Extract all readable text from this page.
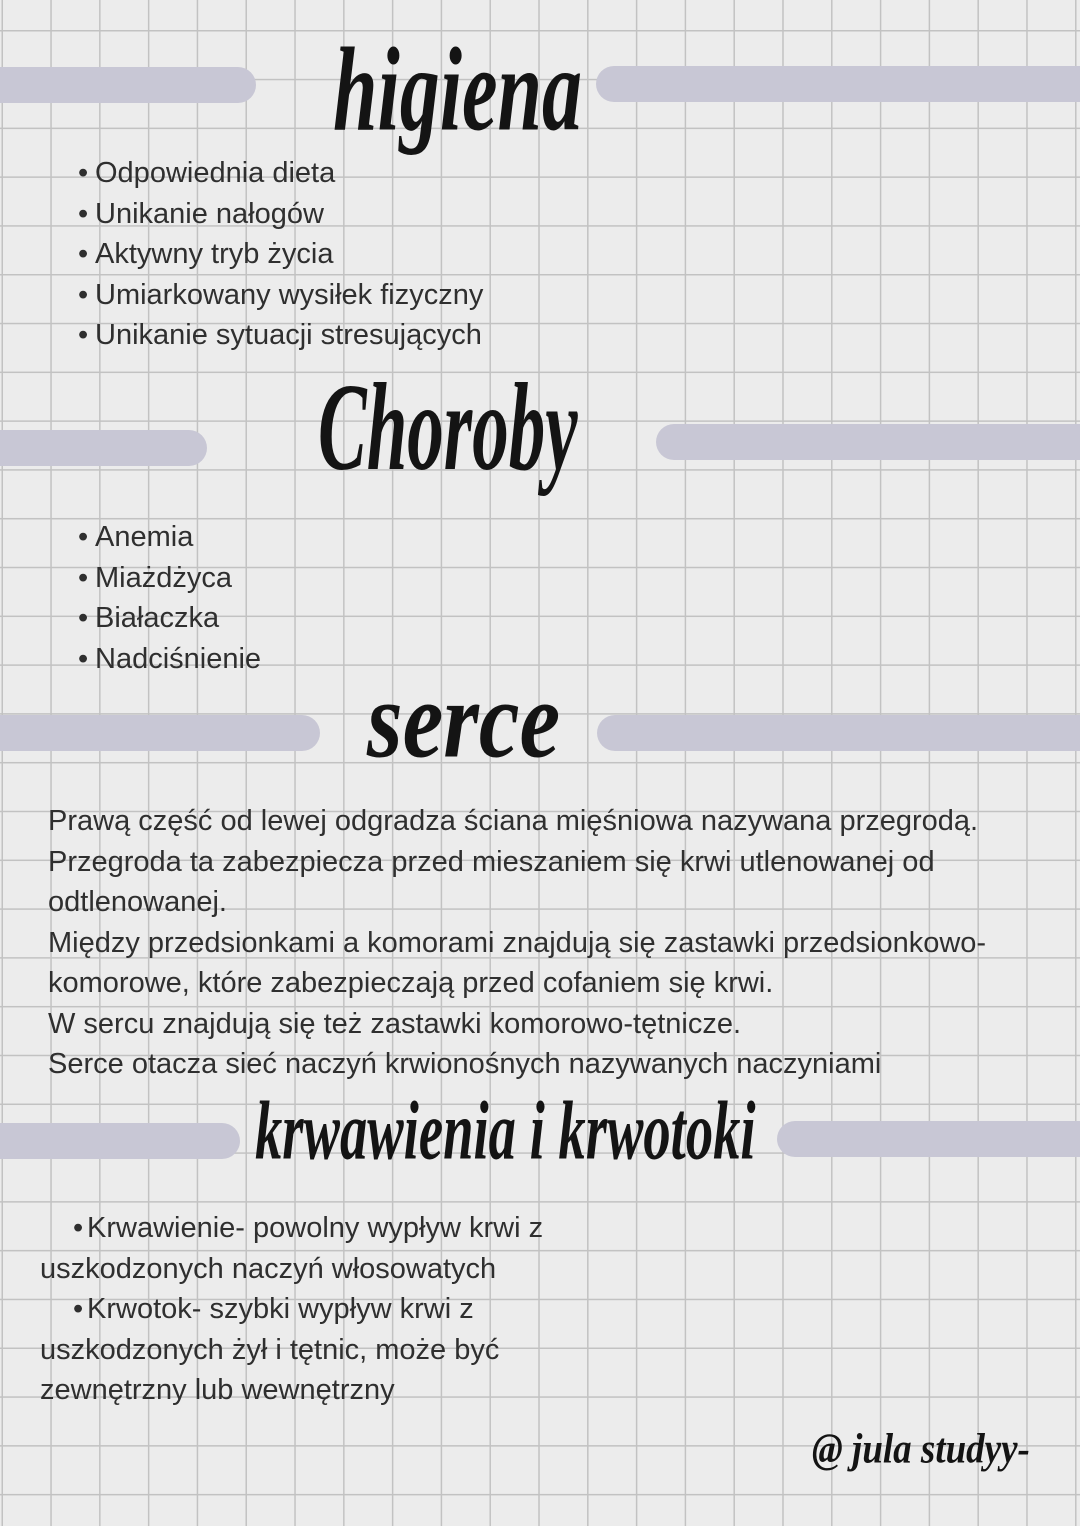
higiena
• Odpowiednia dieta
• Unikanie nałogów
• Aktywny tryb życia
• Umiarkowany wysiłek fizyczny
• Unikanie sytuacji stresujących
Choroby
• Anemia
• Miażdżyca
• Białaczka
• Nadciśnienie serce
Prawą część od lewej odgradza ściana mięśniowa nazywana przegrodą.
Przegroda ta zabezpiecza przed mieszaniem się krwi utlenowanej od
odtlenowanej.
Między przedsionkami a komorami znajdują się zastawki przedsionkowo-
komorowe, które zabezpieczają przed cofaniem się krwi.
W sercu znajdują się też zastawki komorowo-tętnicze.
Serce otacza sieć naczyń krwionośnych nazywanych naczyniami
krwawienia i krwotoki
• Krwawienie- powolny wypływ krwi z
uszkodzonych naczyń włosowatych
• Krwotok- szybki wypływ krwi z
uszkodzonych żył i tętnic, może być
zewnętrzny lub wewnętrzny
@ jula studyy-
